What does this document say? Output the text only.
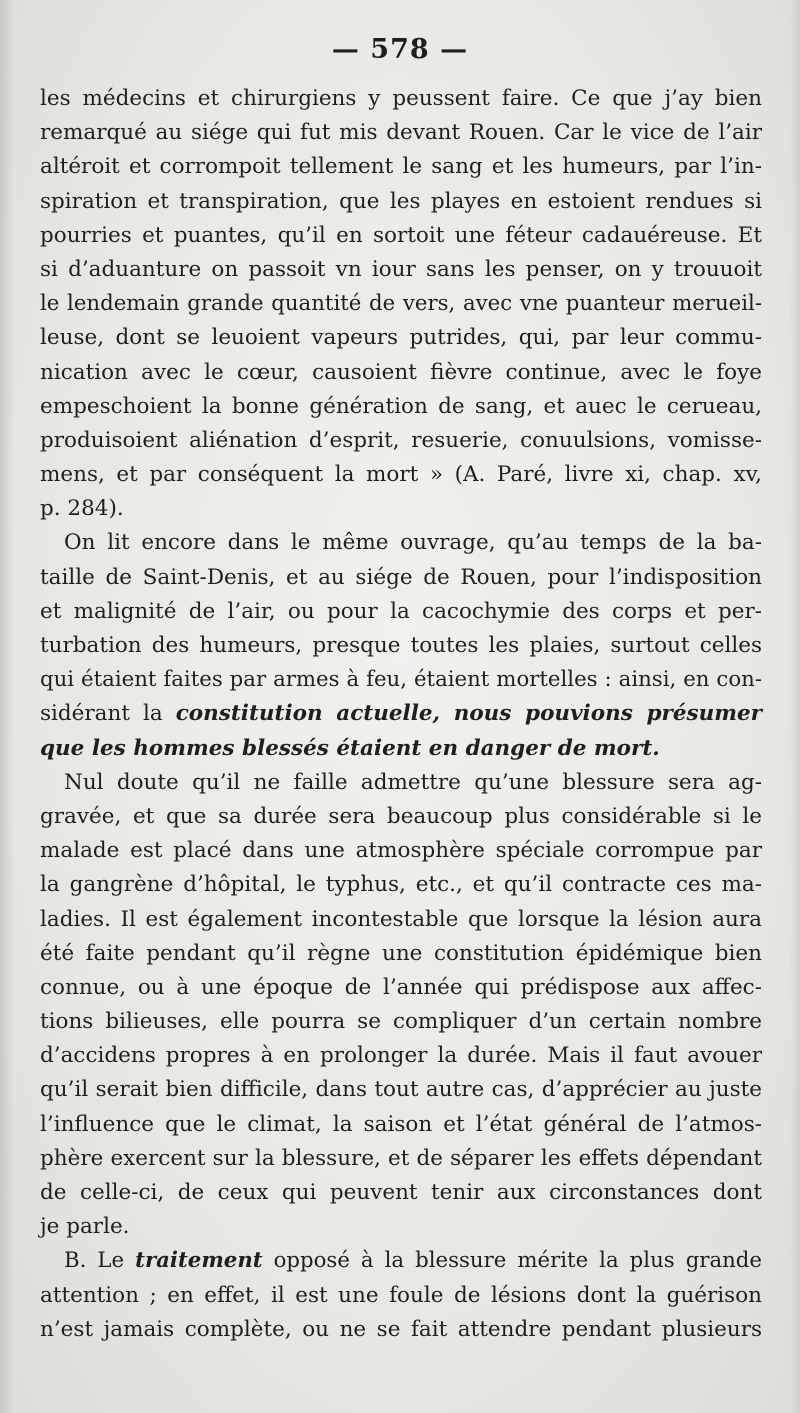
— 578 —
les médecins et chirurgiens y peussent faire. Ce que j’ay bien
remarqué au siége qui fut mis devant Rouen. Car le vice de l’air
altéroit et corrompoit tellement le sang et les humeurs, par l’in-
spiration et transpiration, que les playes en estoient rendues si
pourries et puantes, qu’il en sortoit une féteur cadauéreuse. Et
si d’aduanture on passoit vn iour sans les penser, on y trouuoit
le lendemain grande quantité de vers, avec vne puanteur merueil-
leuse, dont se leuoient vapeurs putrides, qui, par leur commu-
nication avec le cœur, causoient fièvre continue, avec le foye
empeschoient la bonne génération de sang, et auec le cerueau,
produisoient aliénation d’esprit, resuerie, conuulsions, vomisse-
mens, et par conséquent la mort » (A. Paré, livre xi, chap. xv,
p. 284).
On lit encore dans le même ouvrage, qu’au temps de la ba-
taille de Saint-Denis, et au siége de Rouen, pour l’indisposition
et malignité de l’air, ou pour la cacochymie des corps et per-
turbation des humeurs, presque toutes les plaies, surtout celles
qui étaient faites par armes à feu, étaient mortelles : ainsi, en con-
sidérant la constitution actuelle, nous pouvions présumer
que les hommes blessés étaient en danger de mort.
Nul doute qu’il ne faille admettre qu’une blessure sera ag-
gravée, et que sa durée sera beaucoup plus considérable si le
malade est placé dans une atmosphère spéciale corrompue par
la gangrène d’hôpital, le typhus, etc., et qu’il contracte ces ma-
ladies. Il est également incontestable que lorsque la lésion aura
été faite pendant qu’il règne une constitution épidémique bien
connue, ou à une époque de l’année qui prédispose aux affec-
tions bilieuses, elle pourra se compliquer d’un certain nombre
d’accidens propres à en prolonger la durée. Mais il faut avouer
qu’il serait bien difficile, dans tout autre cas, d’apprécier au juste
l’influence que le climat, la saison et l’état général de l’atmos-
phère exercent sur la blessure, et de séparer les effets dépendant
de celle-ci, de ceux qui peuvent tenir aux circonstances dont
je parle.
B. Le traitement opposé à la blessure mérite la plus grande
attention ; en effet, il est une foule de lésions dont la guérison
n’est jamais complète, ou ne se fait attendre pendant plusieurs
